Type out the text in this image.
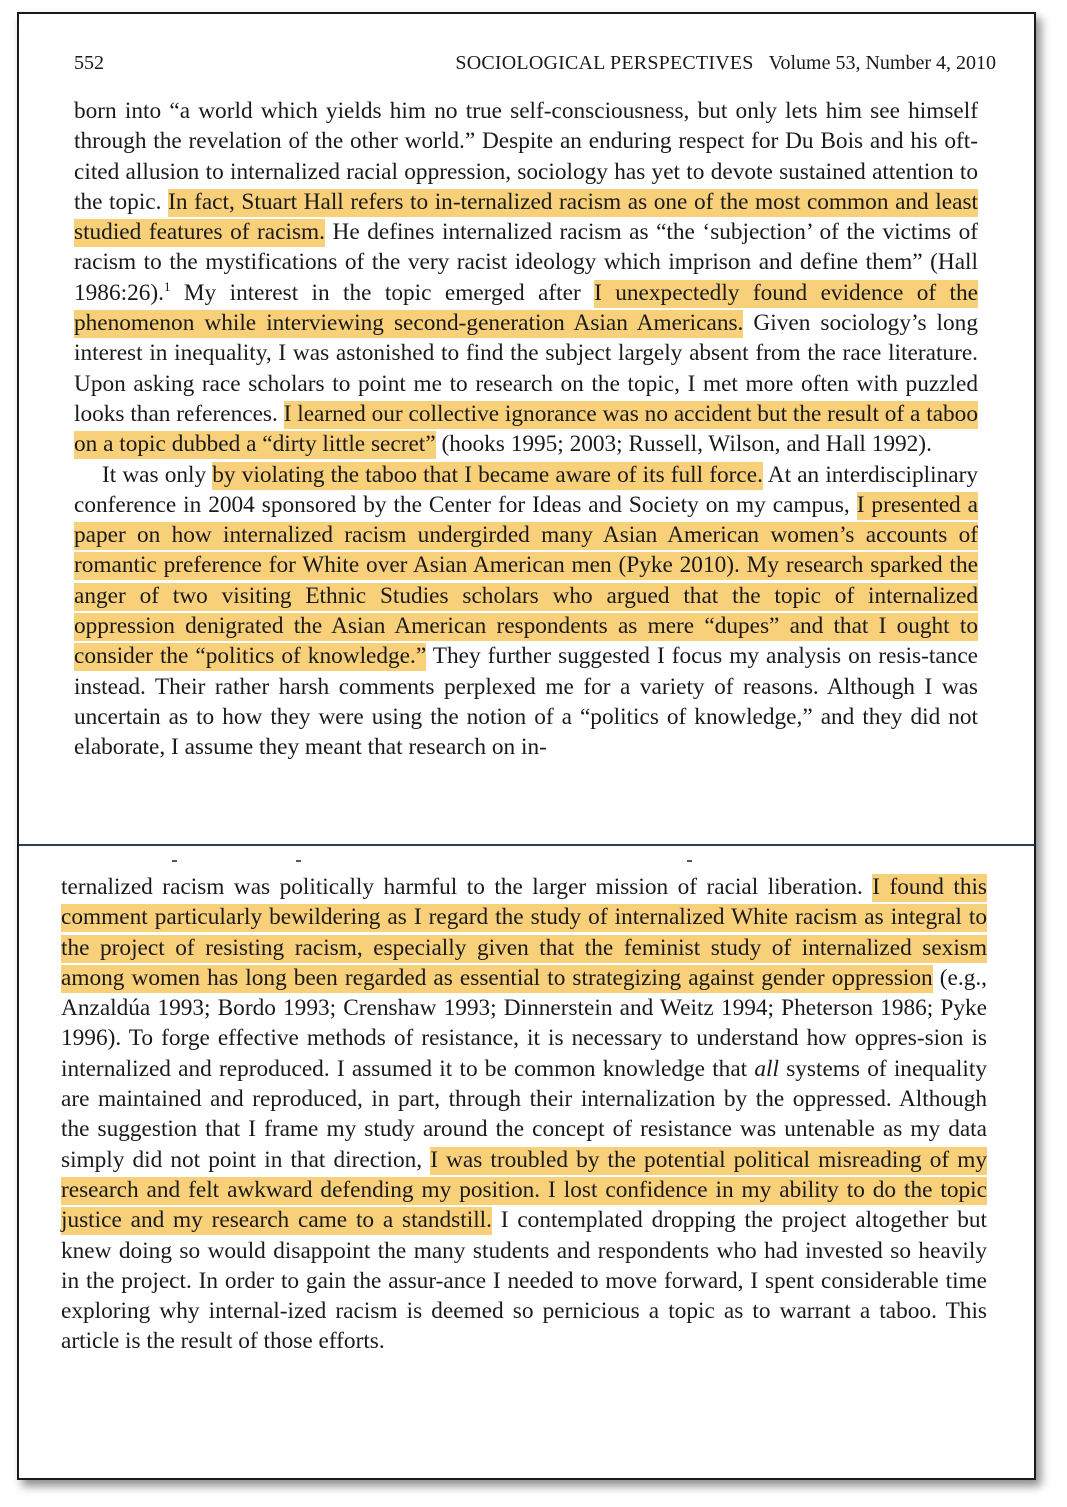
552	SOCIOLOGICAL PERSPECTIVES Volume 53, Number 4, 2010

born into “a world which yields him no true self-consciousness, but only lets him see himself through the revelation of the other world.” Despite an enduring respect for Du Bois and his oft-cited allusion to internalized racial oppression, sociology has yet to devote sustained attention to the topic. In fact, Stuart Hall refers to in-ternalized racism as one of the most common and least studied features of racism. He defines internalized racism as “the ‘subjection’ of the victims of racism to the mystifications of the very racist ideology which imprison and define them” (Hall 1986:26).$^1$ My interest in the topic emerged after I unexpectedly found evidence of the phenomenon while interviewing second-generation Asian Americans. Given sociology’s long interest in inequality, I was astonished to find the subject largely absent from the race literature. Upon asking race scholars to point me to research on the topic, I met more often with puzzled looks than references. I learned our collective ignorance was no accident but the result of a taboo on a topic dubbed a “dirty little secret” (hooks 1995; 2003; Russell, Wilson, and Hall 1992).

It was only by violating the taboo that I became aware of its full force. At an interdisciplinary conference in 2004 sponsored by the Center for Ideas and Society on my campus, I presented a paper on how internalized racism undergirded many Asian American women’s accounts of romantic preference for White over Asian American men (Pyke 2010). My research sparked the anger of two visiting Ethnic Studies scholars who argued that the topic of internalized oppression denigrated the Asian American respondents as mere “dupes” and that I ought to consider the “politics of knowledge.” They further suggested I focus my analysis on resis-tance instead. Their rather harsh comments perplexed me for a variety of reasons. Although I was uncertain as to how they were using the notion of a “politics of knowledge,” and they did not elaborate, I assume they meant that research on in-

ternalized racism was politically harmful to the larger mission of racial liberation. I found this comment particularly bewildering as I regard the study of internalized White racism as integral to the project of resisting racism, especially given that the feminist study of internalized sexism among women has long been regarded as essential to strategizing against gender oppression (e.g., Anzaldúa 1993; Bordo 1993; Crenshaw 1993; Dinnerstein and Weitz 1994; Pheterson 1986; Pyke 1996). To forge effective methods of resistance, it is necessary to understand how oppres-sion is internalized and reproduced. I assumed it to be common knowledge that all systems of inequality are maintained and reproduced, in part, through their internalization by the oppressed. Although the suggestion that I frame my study around the concept of resistance was untenable as my data simply did not point in that direction, I was troubled by the potential political misreading of my research and felt awkward defending my position. I lost confidence in my ability to do the topic justice and my research came to a standstill. I contemplated dropping the project altogether but knew doing so would disappoint the many students and respondents who had invested so heavily in the project. In order to gain the assur-ance I needed to move forward, I spent considerable time exploring why internal-ized racism is deemed so pernicious a topic as to warrant a taboo. This article is the result of those efforts.
